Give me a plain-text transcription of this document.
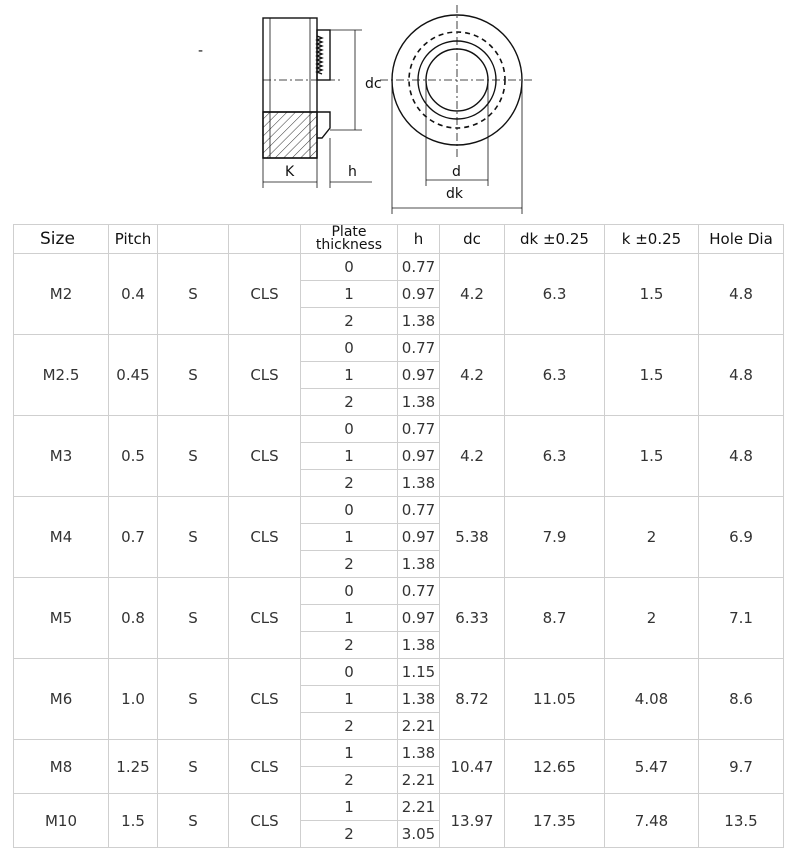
-
dc
K	h	d
dk
Size	Pitch			Plate
thickness	h	dc	dk ±0.25	k ±0.25	Hole Dia
M2	0.4	S	CLS	0	0.77	4.2	6.3	1.5	4.8
				1	0.97				
				2	1.38				
M2.5	0.45	S	CLS	0	0.77	4.2	6.3	1.5	4.8
				1	0.97				
				2	1.38				
M3	0.5	S	CLS	0	0.77	4.2	6.3	1.5	4.8
				1	0.97				
				2	1.38				
M4	0.7	S	CLS	0	0.77	5.38	7.9	2	6.9
				1	0.97				
				2	1.38				
M5	0.8	S	CLS	0	0.77	6.33	8.7	2	7.1
				1	0.97				
				2	1.38				
M6	1.0	S	CLS	0	1.15	8.72	11.05	4.08	8.6
				1	1.38				
				2	2.21				
M8	1.25	S	CLS	1	1.38	10.47	12.65	5.47	9.7
				2	2.21				
M10	1.5	S	CLS	1	2.21	13.97	17.35	7.48	13.5
				2	3.05				
